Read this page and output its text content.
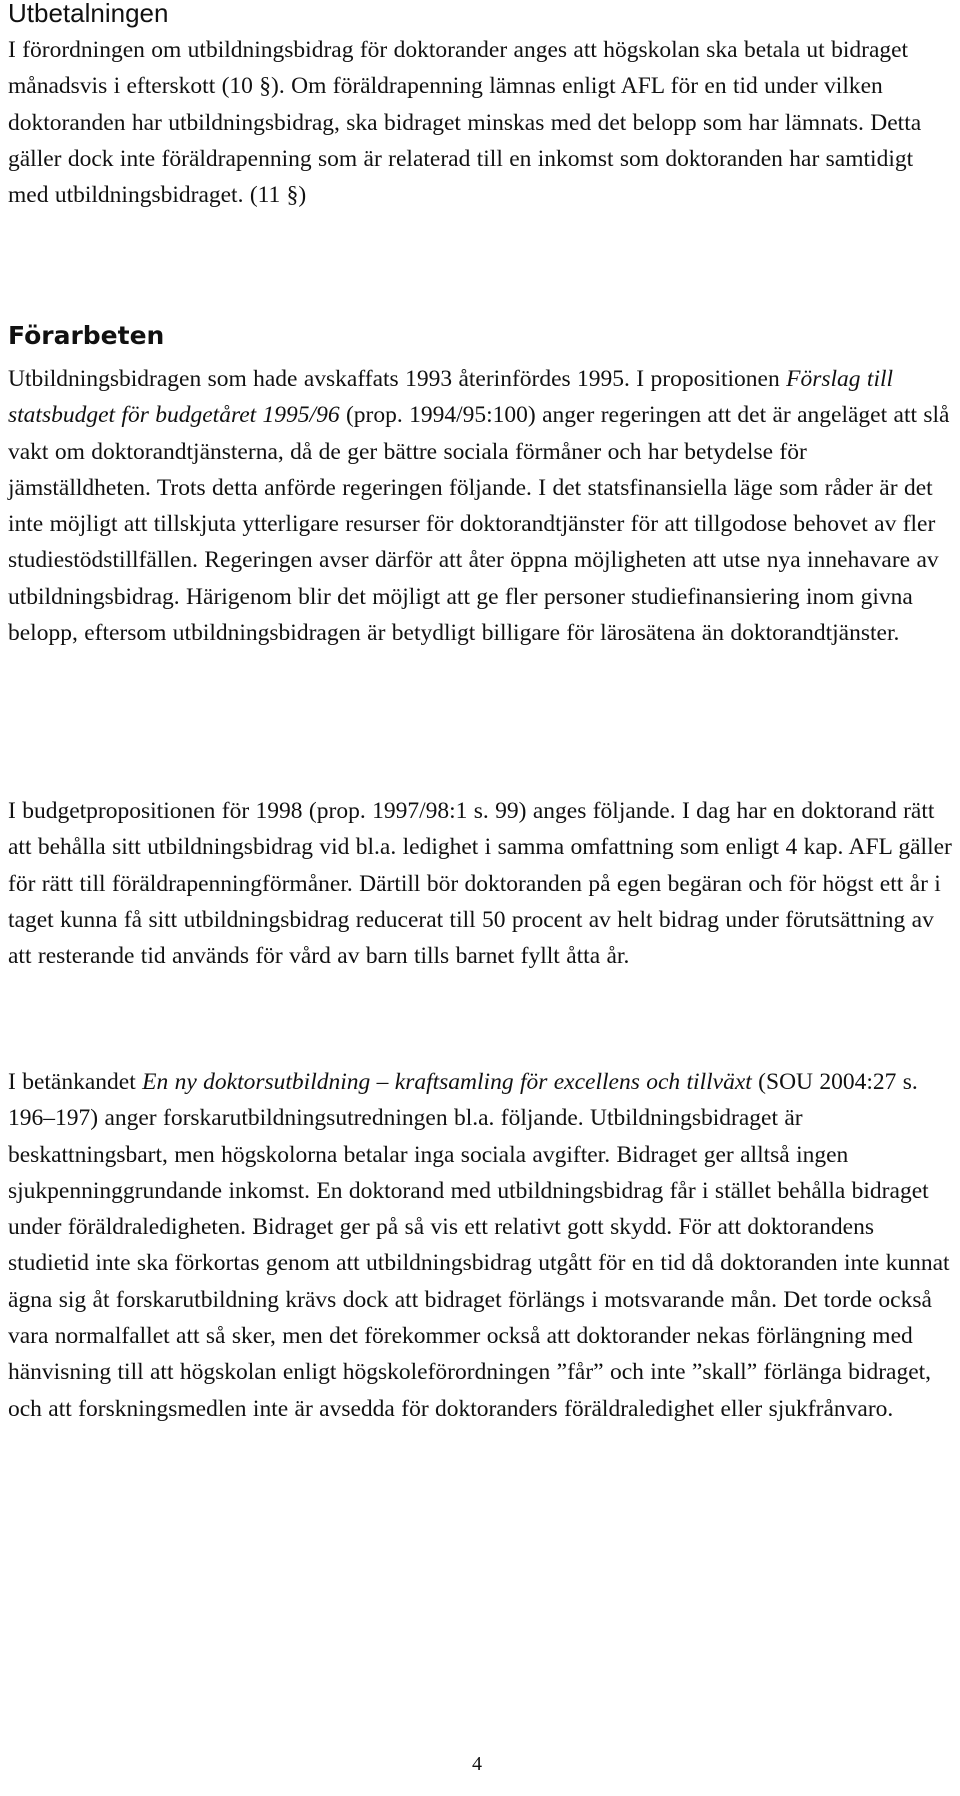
Utbetalningen

I förordningen om utbildningsbidrag för doktorander anges att högskolan ska betala ut bidraget månadsvis i efterskott (10 §). Om föräldrapenning lämnas enligt AFL för en tid under vilken doktoranden har utbildningsbidrag, ska bidraget minskas med det belopp som har lämnats. Detta gäller dock inte föräldrapenning som är relaterad till en inkomst som doktoranden har samtidigt med utbildningsbidraget. (11 §)

Förarbeten

Utbildningsbidragen som hade avskaffats 1993 återinfördes 1995. I propositionen Förslag till statsbudget för budgetåret 1995/96 (prop. 1994/95:100) anger regeringen att det är angeläget att slå vakt om doktorandtjänsterna, då de ger bättre sociala förmåner och har betydelse för jämställdheten. Trots detta anförde regeringen följande. I det statsfinansiella läge som råder är det inte möjligt att tillskjuta ytterligare resurser för doktorandtjänster för att tillgodose behovet av fler studiestödstillfällen. Regeringen avser därför att åter öppna möjligheten att utse nya innehavare av utbildningsbidrag. Härigenom blir det möjligt att ge fler personer studiefinansiering inom givna belopp, eftersom utbildningsbidragen är betydligt billigare för lärosätena än doktorandtjänster.

I budgetpropositionen för 1998 (prop. 1997/98:1 s. 99) anges följande. I dag har en doktorand rätt att behålla sitt utbildningsbidrag vid bl.a. ledighet i samma omfattning som enligt 4 kap. AFL gäller för rätt till föräldrapenningförmåner. Därtill bör doktoranden på egen begäran och för högst ett år i taget kunna få sitt utbildningsbidrag reducerat till 50 procent av helt bidrag under förutsättning av att resterande tid används för vård av barn tills barnet fyllt åtta år.

I betänkandet En ny doktorsutbildning – kraftsamling för excellens och tillväxt (SOU 2004:27 s. 196–197) anger forskarutbildningsutredningen bl.a. följande. Utbildningsbidraget är beskattningsbart, men högskolorna betalar inga sociala avgifter. Bidraget ger alltså ingen sjukpenninggrundande inkomst. En doktorand med utbildningsbidrag får i stället behålla bidraget under föräldraledigheten. Bidraget ger på så vis ett relativt gott skydd. För att doktorandens studietid inte ska förkortas genom att utbildningsbidrag utgått för en tid då doktoranden inte kunnat ägna sig åt forskarutbildning krävs dock att bidraget förlängs i motsvarande mån. Det torde också vara normalfallet att så sker, men det förekommer också att doktorander nekas förlängning med hänvisning till att högskolan enligt högskoleförordningen ”får” och inte ”skall” förlänga bidraget, och att forskningsmedlen inte är avsedda för doktoranders föräldraledighet eller sjukfrånvaro.

4
